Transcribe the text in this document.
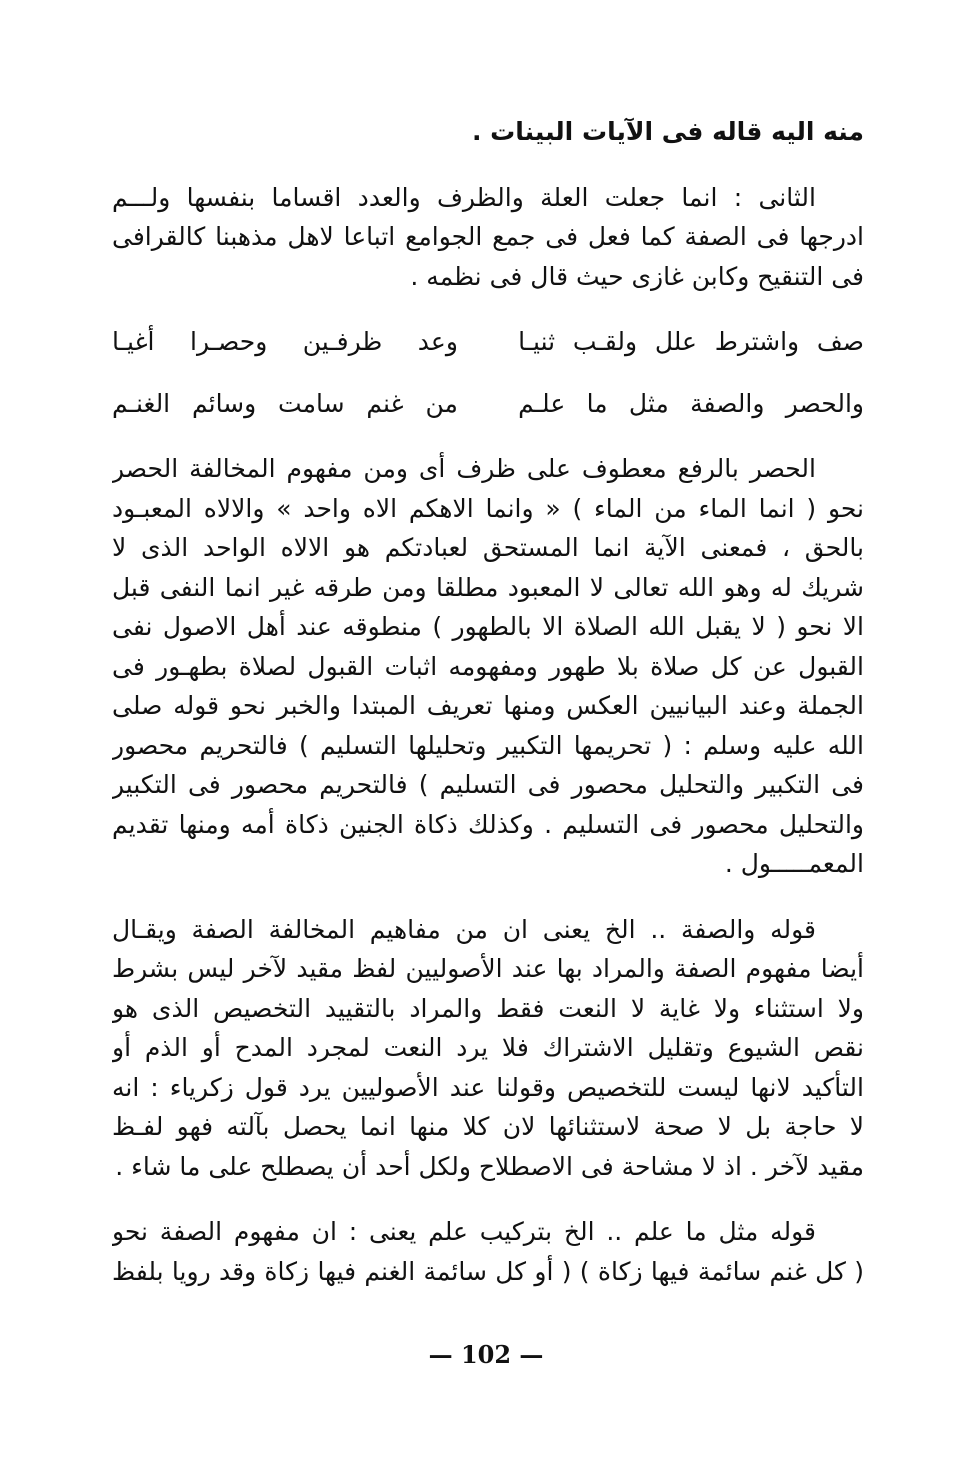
منه اليه قاله فى الآيات البينات .
الثانى : انما جعلت العلة والظرف والعدد اقساما بنفسها ولـــم
ادرجها فى الصفة كما فعل فى جمع الجوامع اتباعا لاهل مذهبنا كالقرافى
فى التنقيح وكابن غازى حيث قال فى نظمه .
صف واشترط علل ولقـب ثنيـا
وعد ظرفـين وحصـرا أغيـا
والحصر والصفة مثل ما علـم
من غنم سامت وسائم الغنـم
الحصر بالرفع معطوف على ظرف أى ومن مفهوم المخالفة الحصر
نحو ( انما الماء من الماء ) « وانما الاهكم الاه واحد » والالاه المعبـود
بالحق ، فمعنى الآية انما المستحق لعبادتكم هو الالاه الواحد الذى لا
شريك له وهو الله تعالى لا المعبود مطلقا ومن طرقه غير انما النفى قبل
الا نحو ( لا يقبل الله الصلاة الا بالطهور ) منطوقه عند أهل الاصول نفى
القبول عن كل صلاة بلا طهور ومفهومه اثبات القبول لصلاة بطهـور فى
الجملة وعند البيانيين العكس ومنها تعريف المبتدا والخبر نحو قوله صلى
الله عليه وسلم : ( تحريمها التكبير وتحليلها التسليم ) فالتحريم محصور
فى التكبير والتحليل محصور فى التسليم ) فالتحريم محصور فى التكبير
والتحليل محصور فى التسليم . وكذلك ذكاة الجنين ذكاة أمه ومنها تقديم
المعمـــــول .
قوله والصفة .. الخ يعنى ان من مفاهيم المخالفة الصفة ويقـال
أيضا مفهوم الصفة والمراد بها عند الأصوليين لفظ مقيد لآخر ليس بشرط
ولا استثناء ولا غاية لا النعت فقط والمراد بالتقييد التخصيص الذى هو
نقص الشيوع وتقليل الاشتراك فلا يرد النعت لمجرد المدح أو الذم أو
التأكيد لانها ليست للتخصيص وقولنا عند الأصوليين يرد قول زكرياء : انه
لا حاجة بل لا صحة لاستثنائها لان كلا منها انما يحصل بآلته فهو لفـظ
مقيد لآخر . اذ لا مشاحة فى الاصطلاح ولكل أحد أن يصطلح على ما شاء .
قوله مثل ما علم .. الخ بتركيب علم يعنى : ان مفهوم الصفة نحو
( كل غنم سائمة فيها زكاة ) ( أو كل سائمة الغنم فيها زكاة وقد رويا بلفظ
— 102 —
